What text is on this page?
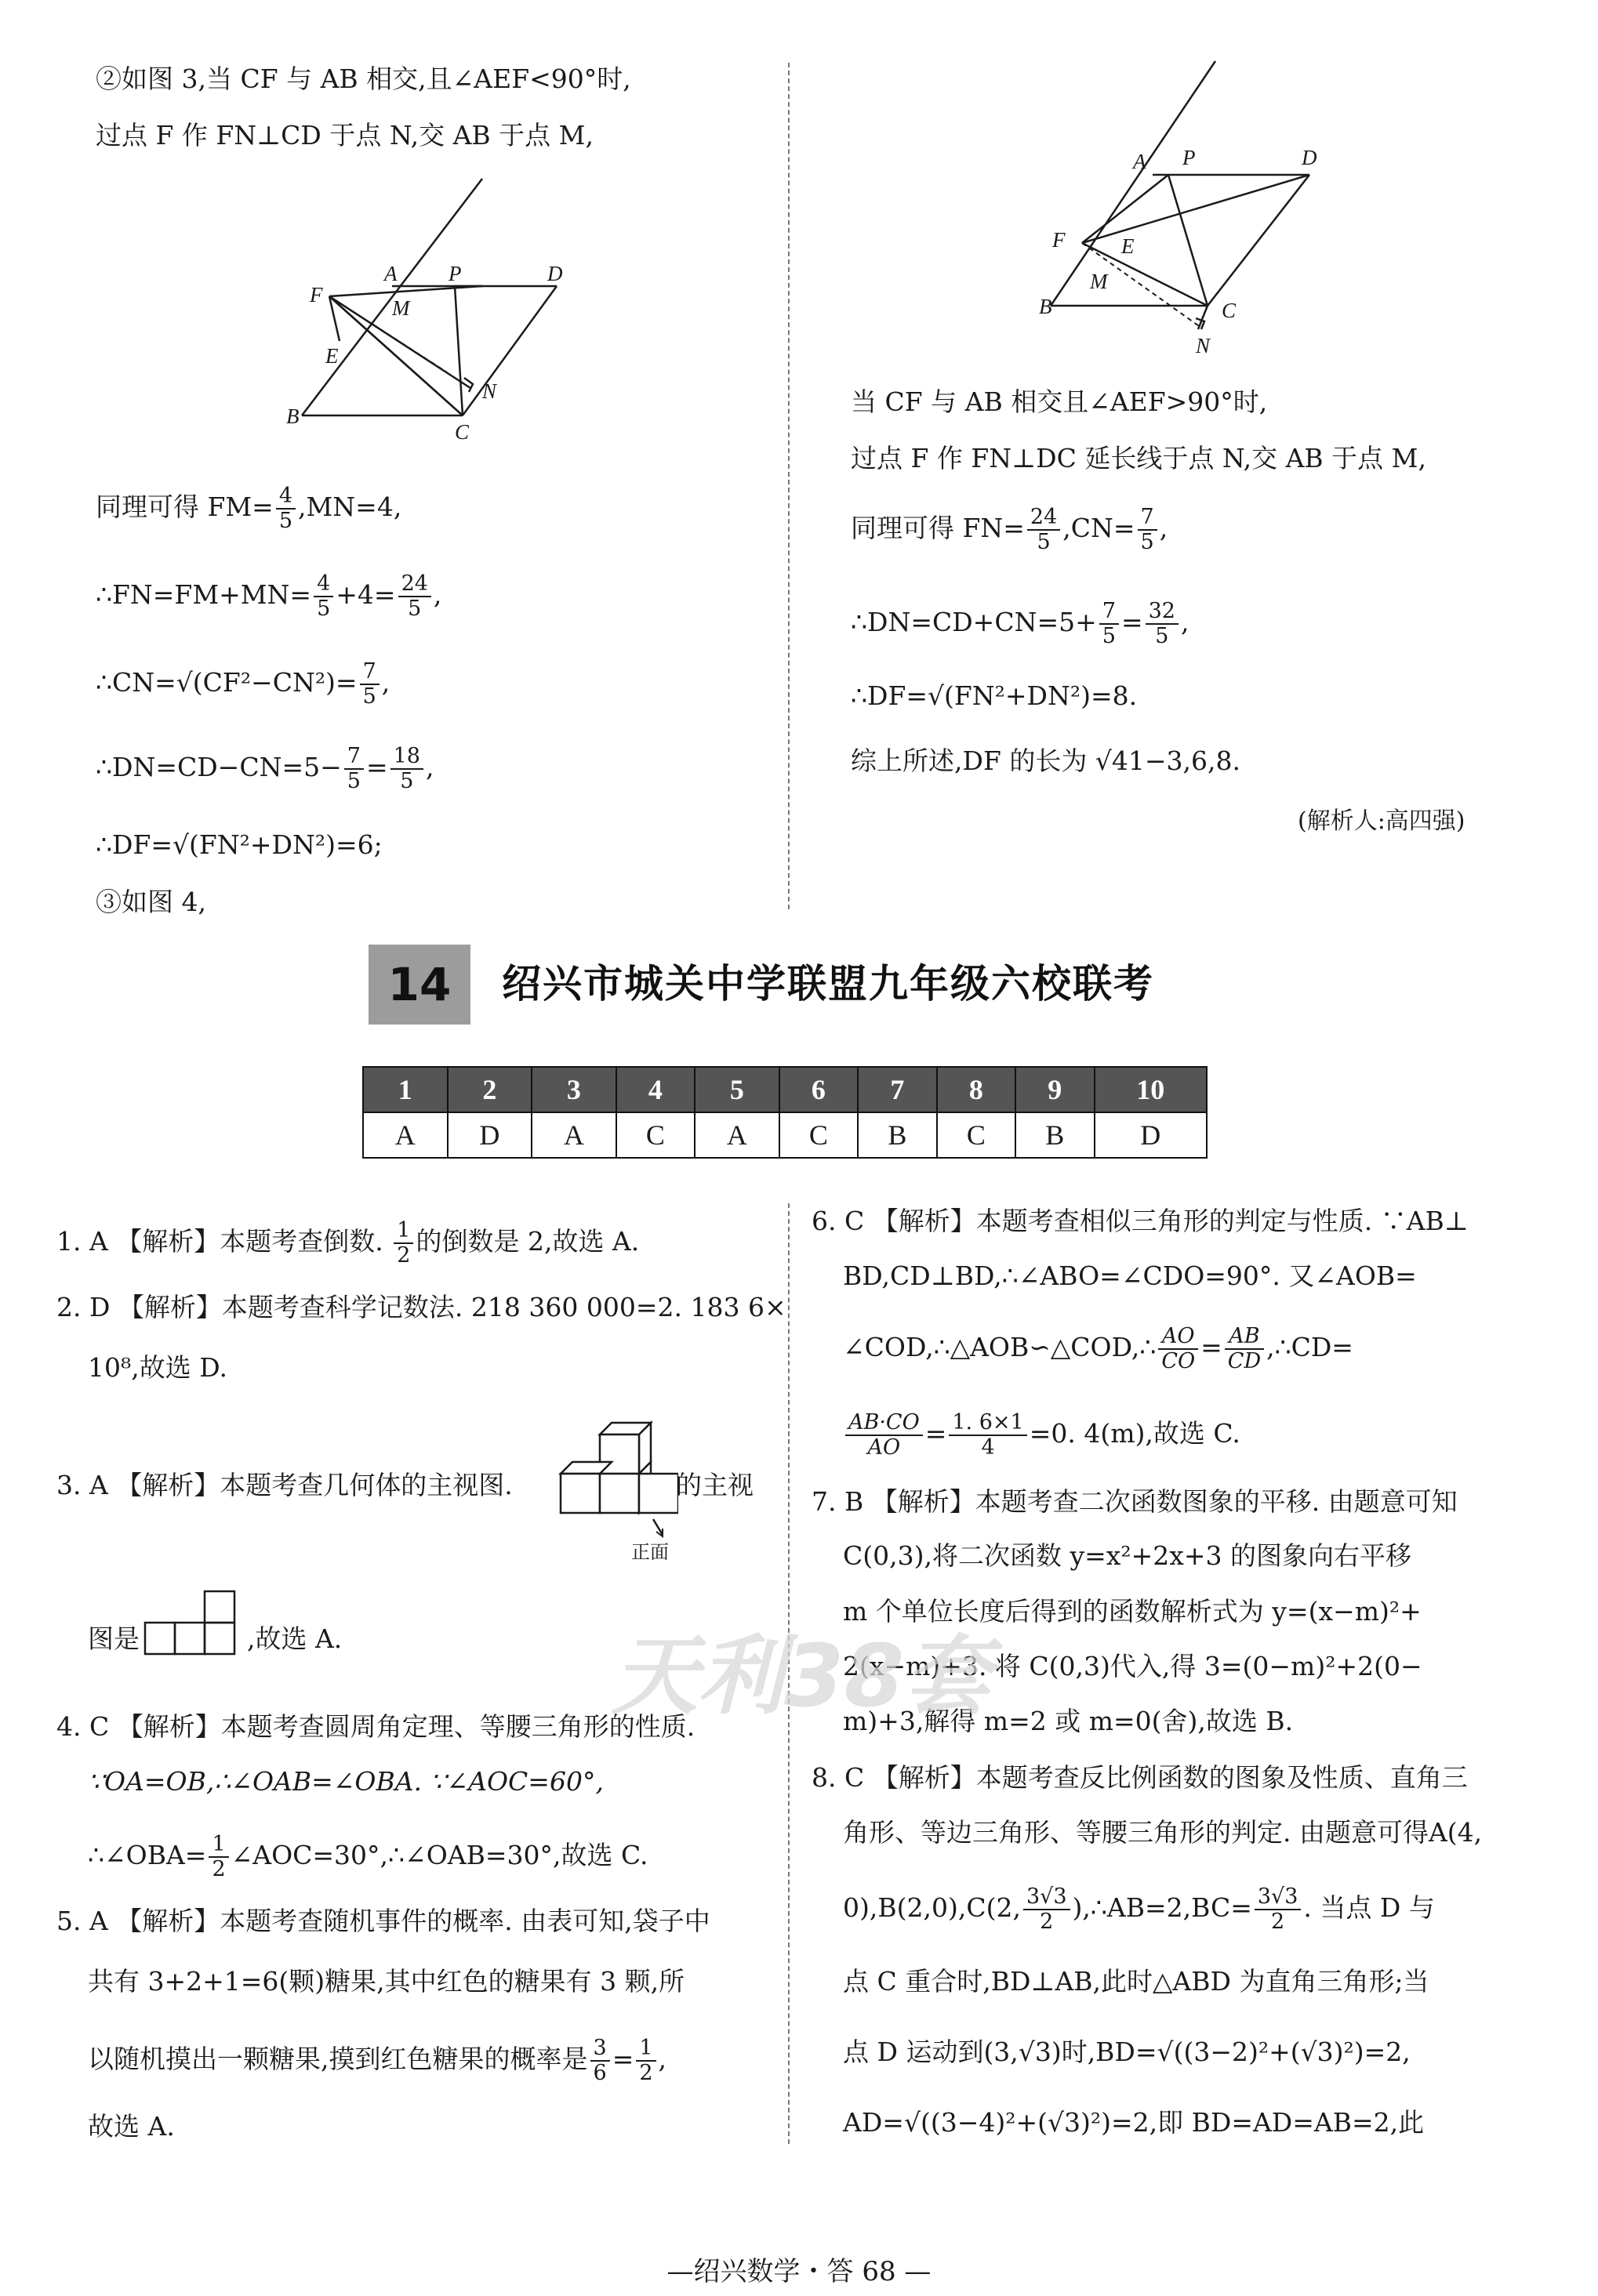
②如图 3,当 CF 与 AB 相交,且∠AEF<90°时,
过点 F 作 FN⊥CD 于点 N,交 AB 于点 M,
A P	D
F
M
E
N
B
C
同理可得 $FM= \frac{4}{5} ,MN=4$,
∴FN=FM+MN= $\frac{4}{5} +4= \frac{24}{5}$ ,
∴CN=√(CF²−CN²)= $\frac{7}{5}$ ,
∴DN=CD−CN=5− $\frac{7}{5} = \frac{18}{5}$ ,
∴DF=√(FN²+DN²)=6;
③如图 4,
A P	D
F	E
M
B	C
N
当 CF 与 AB 相交且∠AEF>90°时,
过点 F 作 FN⊥DC 延长线于点 N,交 AB 于点 M,
同理可得 $FN= \frac{24}{5} ,CN= \frac{7}{5}$ ,
∴DN=CD+CN=5+ $\frac{7}{5} = \frac{32}{5}$ ,
∴DF=√(FN²+DN²)=8.
综上所述,DF 的长为 √41−3,6,8.
(解析人:高四强)
14	绍兴市城关中学联盟九年级六校联考
1	2	3	4	5	6	7	8	9	10
A	D	A	C	A	C	B	C	B	D
1. A 【解析】本题考查倒数. $\frac{1}{2}$ 的倒数是 2,故选 A.
2. D 【解析】本题考查科学记数法. 218 360 000=2. 183 6×
10⁸,故选 D.
3. A 【解析】本题考查几何体的主视图.
正面
的主视
图是	,故选 A.
4. C 【解析】本题考查圆周角定理、等腰三角形的性质.
∵OA=OB,∴∠OAB=∠OBA. ∵∠AOC=60°,
∴∠OBA= $\frac{1}{2}$ ∠AOC=30°,∴∠OAB=30°,故选 C.
5. A 【解析】本题考查随机事件的概率. 由表可知,袋子中
共有 3+2+1=6(颗)糖果,其中红色的糖果有 3 颗,所
以随机摸出一颗糖果,摸到红色糖果的概率是 $\frac{3}{6} = \frac{1}{2}$ ,
故选 A.
6. C 【解析】本题考查相似三角形的判定与性质. ∵AB⊥
BD,CD⊥BD,∴∠ABO=∠CDO=90°. 又∠AOB=
∠COD,∴△AOB∽△COD,∴ $\frac{AO}{CO} = \frac{AB}{CD}$ ,∴CD=
$\frac{AB\cdot CO}{AO} = \frac{1. 6\times 1}{4} =0$. 4(m),故选 C.
7. B 【解析】本题考查二次函数图象的平移. 由题意可知
C(0,3),将二次函数 y=x²+2x+3 的图象向右平移
m 个单位长度后得到的函数解析式为 y=(x−m)²+
2(x−m)+3. 将 C(0,3)代入,得 3=(0−m)²+2(0−
m)+3,解得 m=2 或 m=0(舍),故选 B.
8. C 【解析】本题考查反比例函数的图象及性质、直角三
角形、等边三角形、等腰三角形的判定. 由题意可得A(4,
0),B(2,0),C(2, $\frac{3√3}{2}$ ),∴AB=2,BC= $\frac{3√3}{2}$ . 当点 D 与
点 C 重合时,BD⊥AB,此时△ABD 为直角三角形;当
点 D 运动到(3,√3)时,BD=√((3−2)²+(√3)²)=2,
AD=√((3−4)²+(√3)²)=2,即 BD=AD=AB=2,此
天利38套
—绍兴数学・答 68 —
